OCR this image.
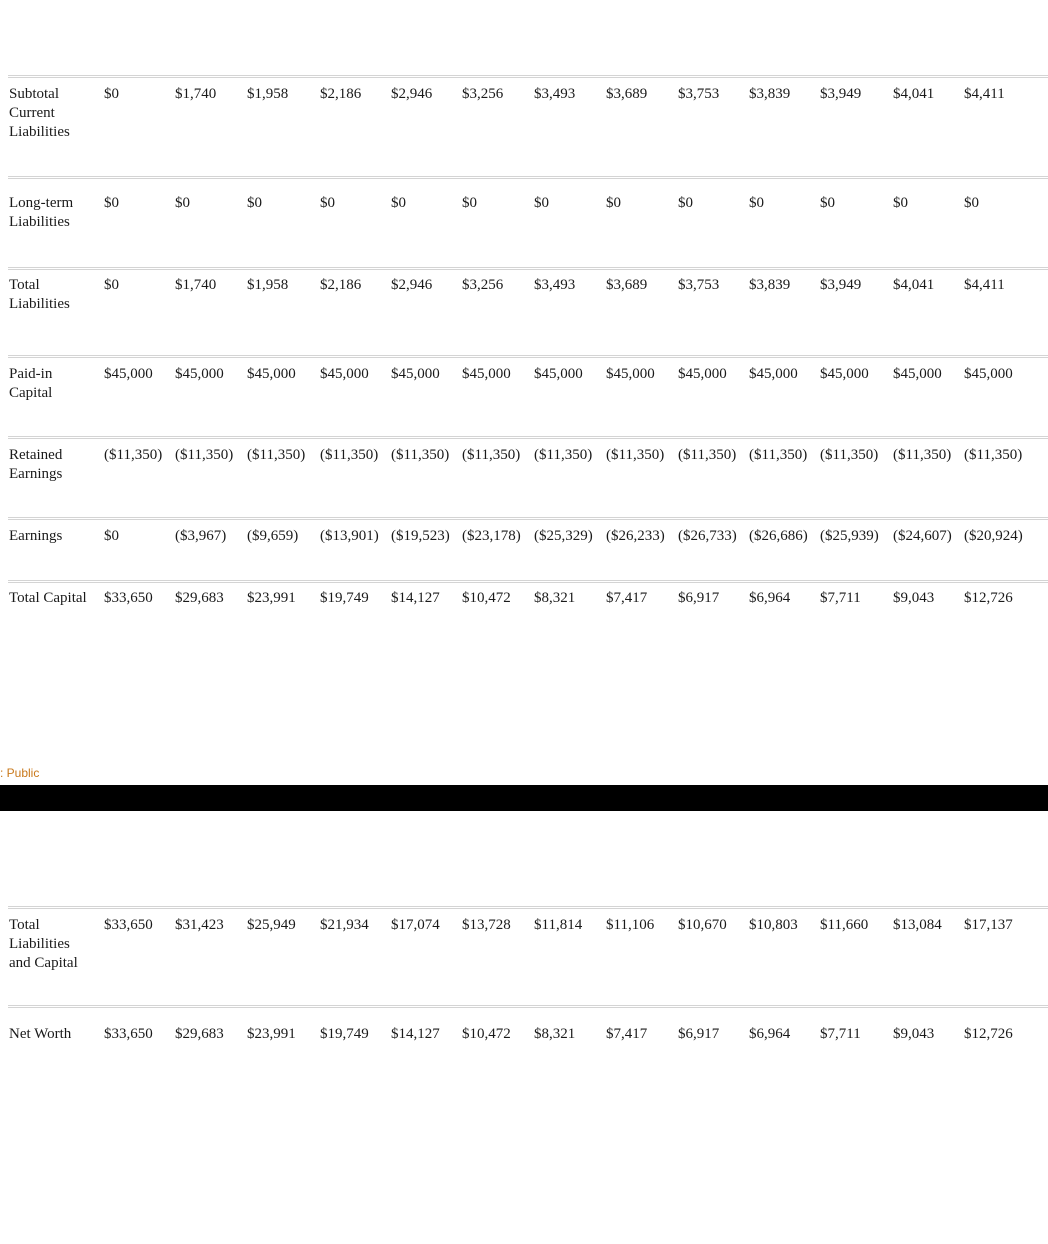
Subtotal
Current
Liabilities
$0	$1,740 $1,958 $2,186 $2,946 $3,256 $3,493 $3,689 $3,753 $3,839 $3,949 $4,041 $4,411
Long-term
Liabilities
$0	$0	$0	$0	$0	$0	$0	$0	$0	$0	$0	$0	$0
Total
Liabilities
$0	$1,740 $1,958 $2,186 $2,946 $3,256 $3,493 $3,689 $3,753 $3,839 $3,949 $4,041 $4,411
Paid-in
Capital
$45,000 $45,000 $45,000 $45,000 $45,000 $45,000 $45,000 $45,000 $45,000 $45,000 $45,000 $45,000 $45,000
Retained
Earnings
($11,350) ($11,350) ($11,350) ($11,350) ($11,350) ($11,350) ($11,350) ($11,350) ($11,350) ($11,350) ($11,350) ($11,350) ($11,350)
Earnings	$0	($3,967) ($9,659) ($13,901) ($19,523) ($23,178) ($25,329) ($26,233) ($26,733) ($26,686) ($25,939) ($24,607) ($20,924)
Total Capital	$33,650 $29,683 $23,991 $19,749 $14,127 $10,472 $8,321 $7,417 $6,917 $6,964 $7,711 $9,043 $12,726
Total
Liabilities
and Capital
$33,650 $31,423 $25,949 $21,934 $17,074 $13,728 $11,814 $11,106 $10,670 $10,803 $11,660 $13,084 $17,137
Net Worth	$33,650 $29,683 $23,991 $19,749 $14,127 $10,472 $8,321 $7,417 $6,917 $6,964 $7,711 $9,043 $12,726
: Public
